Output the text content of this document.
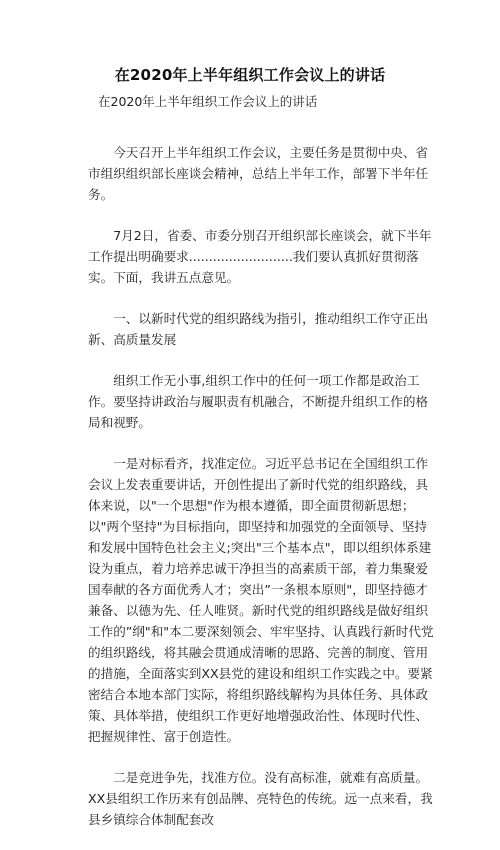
在2020年上半年组织工作会议上的讲话
在2020年上半年组织工作会议上的讲话

今天召开上半年组织工作会议，主要任务是贯彻中央、省市组织组织部长座谈会精神，总结上半年工作，部署下半年任务。

7月2日，省委、市委分别召开组织部长座谈会，就下半年工作提出明确要求..........................我们要认真抓好贯彻落实。下面，我讲五点意见。

一、以新时代党的组织路线为指引，推动组织工作守正出新、高质量发展

组织工作无小事,组织工作中的任何一项工作都是政治工作。要坚持讲政治与履职责有机融合，不断提升组织工作的格局和视野。

一是对标看齐，找准定位。习近平总书记在全国组织工作会议上发表重要讲话，开创性提出了新时代党的组织路线，具体来说，以"一个思想"作为根本遵循，即全面贯彻新思想；以"两个坚持"为目标指向，即坚持和加强党的全面领导、坚持和发展中国特色社会主义;突出"三个基本点"，即以组织体系建设为重点，着力培养忠诚干净担当的高素质干部，着力集聚爱国奉献的各方面优秀人才；突出”一条根本原则"，即坚持德才兼备、以德为先、任人唯贤。新时代党的组织路线是做好组织工作的”纲"和"本二要深刻领会、牢牢坚持、认真践行新时代党的组织路线，将其融会贯通成清晰的思路、完善的制度、管用的措施，全面落实到XX县党的建设和组织工作实践之中。要紧密结合本地本部门实际，将组织路线解构为具体任务、具体政策、具体举措，使组织工作更好地增强政治性、体现时代性、把握规律性、富于创造性。

二是竞进争先，找准方位。没有高标准，就难有高质量。XX县组织工作历来有创品牌、亮特色的传统。远一点来看，我县乡镇综合体制配套改
